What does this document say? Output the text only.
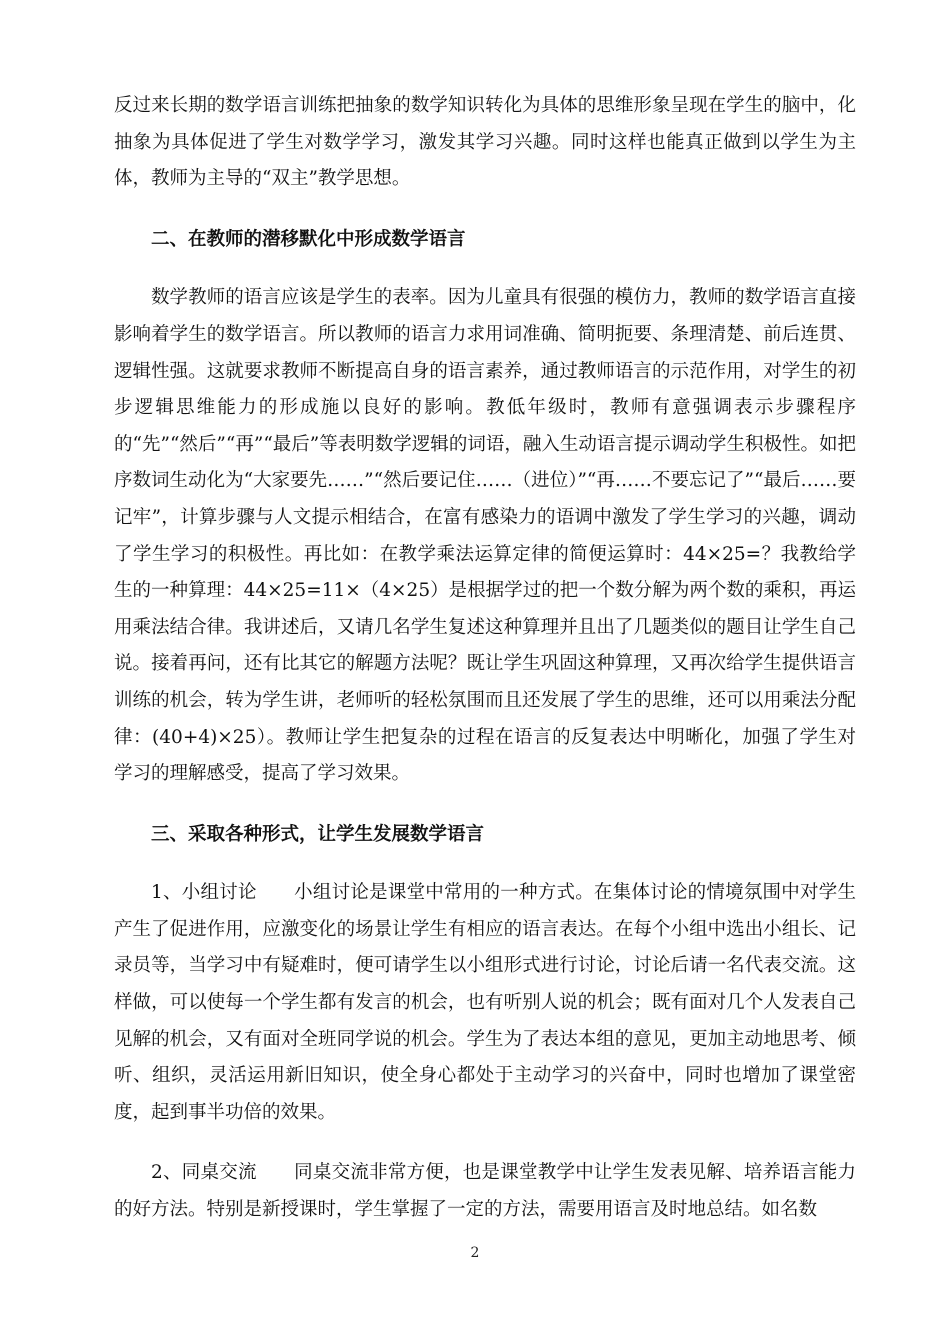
反过来长期的数学语言训练把抽象的数学知识转化为具体的思维形象呈现在学生的脑中，化抽象为具体促进了学生对数学学习，激发其学习兴趣。同时这样也能真正做到以学生为主体，教师为主导的“双主”教学思想。

二、在教师的潜移默化中形成数学语言

数学教师的语言应该是学生的表率。因为儿童具有很强的模仿力，教师的数学语言直接影响着学生的数学语言。所以教师的语言力求用词准确、简明扼要、条理清楚、前后连贯、逻辑性强。这就要求教师不断提高自身的语言素养，通过教师语言的示范作用，对学生的初步逻辑思维能力的形成施以良好的影响。教低年级时，教师有意强调表示步骤程序的“先”“然后”“再”“最后”等表明数学逻辑的词语，融入生动语言提示调动学生积极性。如把序数词生动化为“大家要先……”“然后要记住……（进位）”“再……不要忘记了”“最后……要记牢”，计算步骤与人文提示相结合，在富有感染力的语调中激发了学生学习的兴趣，调动了学生学习的积极性。再比如：在教学乘法运算定律的简便运算时：44×25=？我教给学生的一种算理：44×25=11×（4×25）是根据学过的把一个数分解为两个数的乘积，再运用乘法结合律。我讲述后，又请几名学生复述这种算理并且出了几题类似的题目让学生自己说。接着再问，还有比其它的解题方法呢？既让学生巩固这种算理，又再次给学生提供语言训练的机会，转为学生讲，老师听的轻松氛围而且还发展了学生的思维，还可以用乘法分配律：(40+4)×25）。教师让学生把复杂的过程在语言的反复表达中明晰化，加强了学生对学习的理解感受，提高了学习效果。

三、采取各种形式，让学生发展数学语言

1、小组讨论　　小组讨论是课堂中常用的一种方式。在集体讨论的情境氛围中对学生产生了促进作用，应激变化的场景让学生有相应的语言表达。在每个小组中选出小组长、记录员等，当学习中有疑难时，便可请学生以小组形式进行讨论，讨论后请一名代表交流。这样做，可以使每一个学生都有发言的机会，也有听别人说的机会；既有面对几个人发表自己见解的机会，又有面对全班同学说的机会。学生为了表达本组的意见，更加主动地思考、倾听、组织，灵活运用新旧知识，使全身心都处于主动学习的兴奋中，同时也增加了课堂密度，起到事半功倍的效果。

2、同桌交流　　同桌交流非常方便，也是课堂教学中让学生发表见解、培养语言能力的好方法。特别是新授课时，学生掌握了一定的方法，需要用语言及时地总结。如名数

2
